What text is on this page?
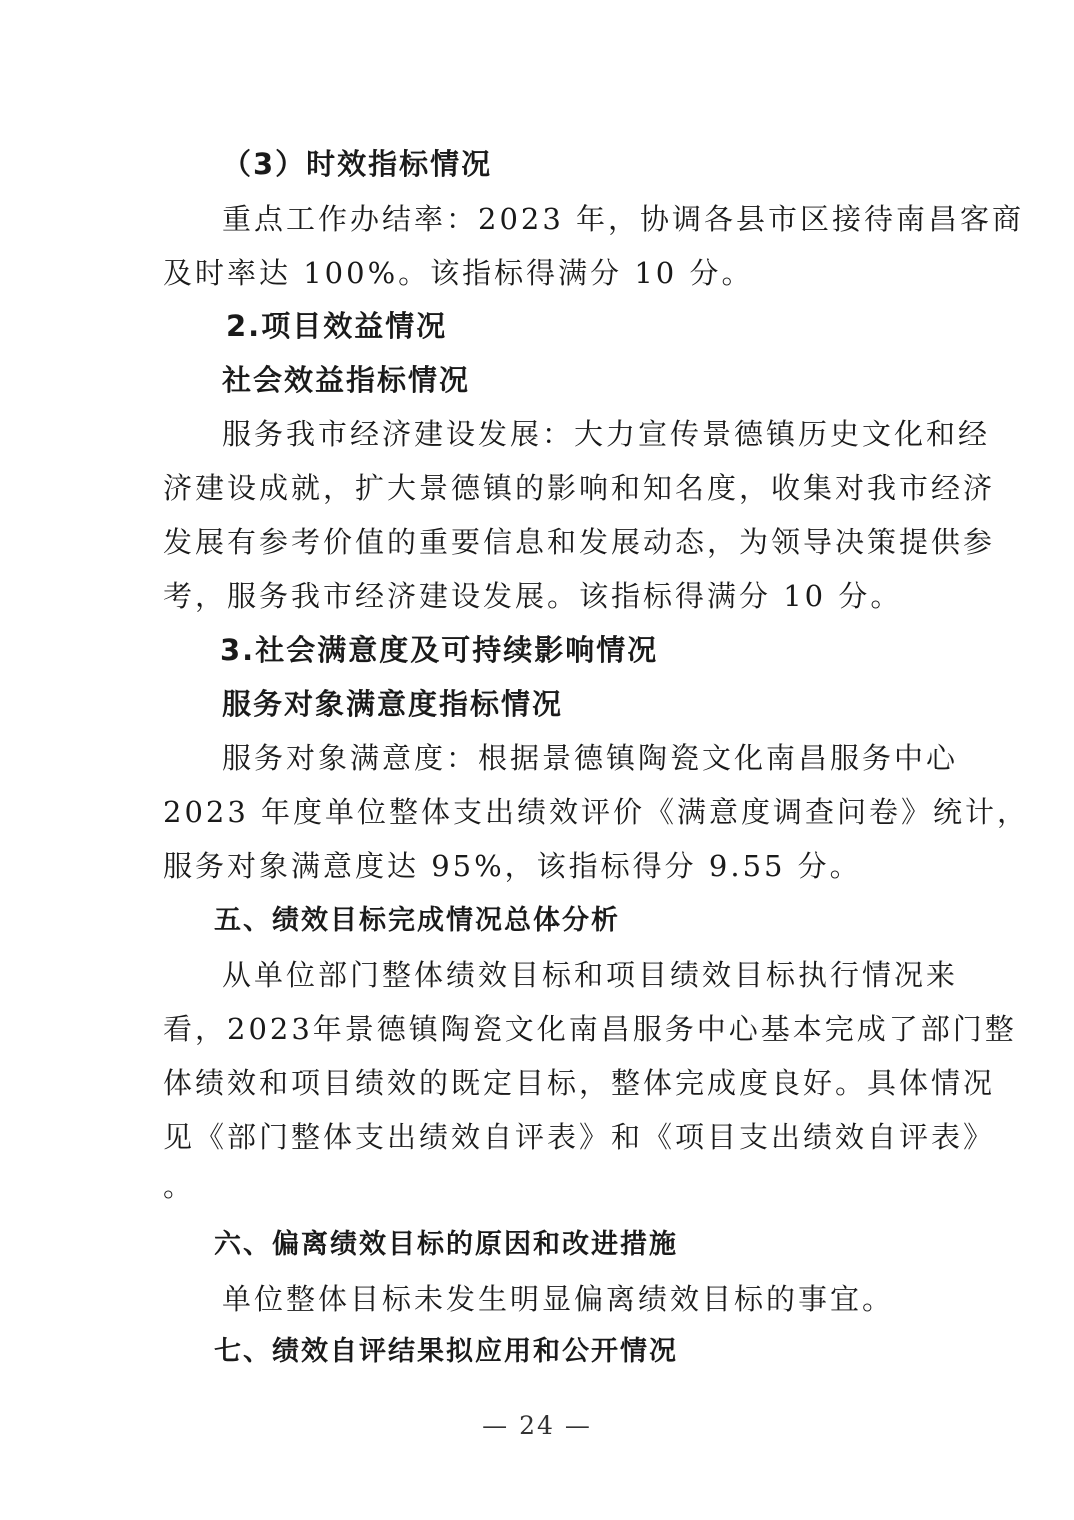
（3）时效指标情况

重点工作办结率：2023 年，协调各县市区接待南昌客商

及时率达 100%。该指标得满分 10 分。

2.项目效益情况

社会效益指标情况

服务我市经济建设发展：大力宣传景德镇历史文化和经

济建设成就，扩大景德镇的影响和知名度，收集对我市经济

发展有参考价值的重要信息和发展动态，为领导决策提供参

考，服务我市经济建设发展。该指标得满分 10 分。

3.社会满意度及可持续影响情况

服务对象满意度指标情况

服务对象满意度：根据景德镇陶瓷文化南昌服务中心

2023 年度单位整体支出绩效评价《满意度调查问卷》统计，

服务对象满意度达 95%，该指标得分 9.55 分。

五、绩效目标完成情况总体分析

从单位部门整体绩效目标和项目绩效目标执行情况来

看，2023年景德镇陶瓷文化南昌服务中心基本完成了部门整

体绩效和项目绩效的既定目标，整体完成度良好。具体情况

见《部门整体支出绩效自评表》和《项目支出绩效自评表》

。

六、偏离绩效目标的原因和改进措施

单位整体目标未发生明显偏离绩效目标的事宜。

七、绩效自评结果拟应用和公开情况

— 24 —
